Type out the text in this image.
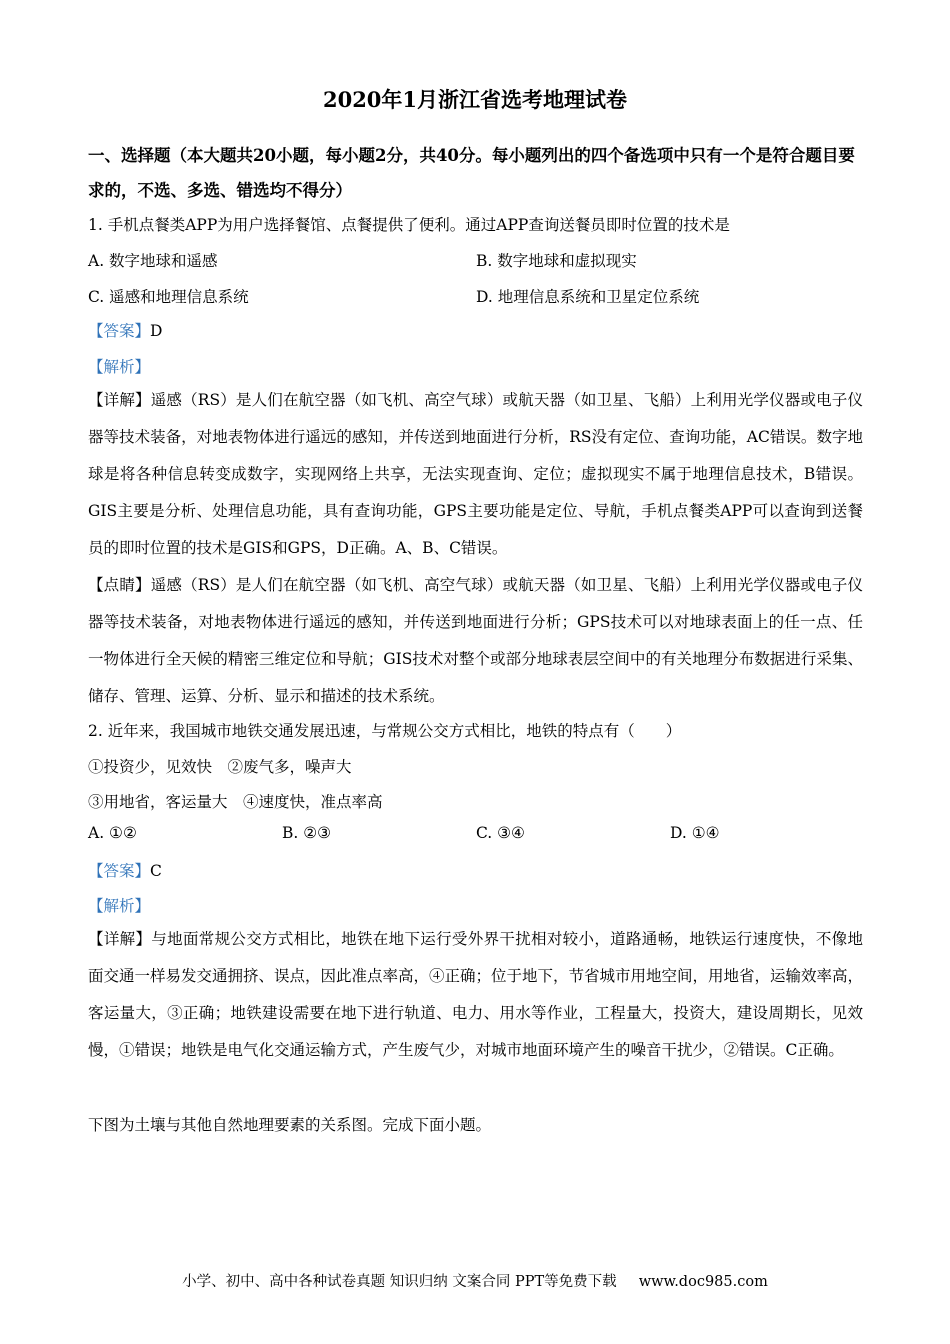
2020年1月浙江省选考地理试卷
一、选择题（本大题共20小题，每小题2分，共40分。每小题列出的四个备选项中只有一个是符合题目要求的，不选、多选、错选均不得分）
1. 手机点餐类APP为用户选择餐馆、点餐提供了便利。通过APP查询送餐员即时位置的技术是
A. 数字地球和遥感	B. 数字地球和虚拟现实
C. 遥感和地理信息系统	D. 地理信息系统和卫星定位系统
【答案】D
【解析】
【详解】遥感（RS）是人们在航空器（如飞机、高空气球）或航天器（如卫星、飞船）上利用光学仪器或电子仪器等技术装备，对地表物体进行遥远的感知，并传送到地面进行分析，RS没有定位、查询功能，AC错误。数字地球是将各种信息转变成数字，实现网络上共享，无法实现查询、定位；虚拟现实不属于地理信息技术，B错误。GIS主要是分析、处理信息功能，具有查询功能，GPS主要功能是定位、导航，手机点餐类APP可以查询到送餐员的即时位置的技术是GIS和GPS，D正确。A、B、C错误。
【点睛】遥感（RS）是人们在航空器（如飞机、高空气球）或航天器（如卫星、飞船）上利用光学仪器或电子仪器等技术装备，对地表物体进行遥远的感知，并传送到地面进行分析；GPS技术可以对地球表面上的任一点、任一物体进行全天候的精密三维定位和导航；GIS技术对整个或部分地球表层空间中的有关地理分布数据进行采集、储存、管理、运算、分析、显示和描述的技术系统。
2. 近年来，我国城市地铁交通发展迅速，与常规公交方式相比，地铁的特点有（　　）
①投资少，见效快　②废气多，噪声大
③用地省，客运量大　④速度快，准点率高
A. ①②	B. ②③	C. ③④	D. ①④
【答案】C
【解析】
【详解】与地面常规公交方式相比，地铁在地下运行受外界干扰相对较小，道路通畅，地铁运行速度快，不像地面交通一样易发交通拥挤、误点，因此准点率高，④正确；位于地下，节省城市用地空间，用地省，运输效率高，客运量大，③正确；地铁建设需要在地下进行轨道、电力、用水等作业，工程量大，投资大，建设周期长，见效慢，①错误；地铁是电气化交通运输方式，产生废气少，对城市地面环境产生的噪音干扰少，②错误。C正确。
下图为土壤与其他自然地理要素的关系图。完成下面小题。
小学、初中、高中各种试卷真题 知识归纳 文案合同 PPT等免费下载 www.doc985.com
